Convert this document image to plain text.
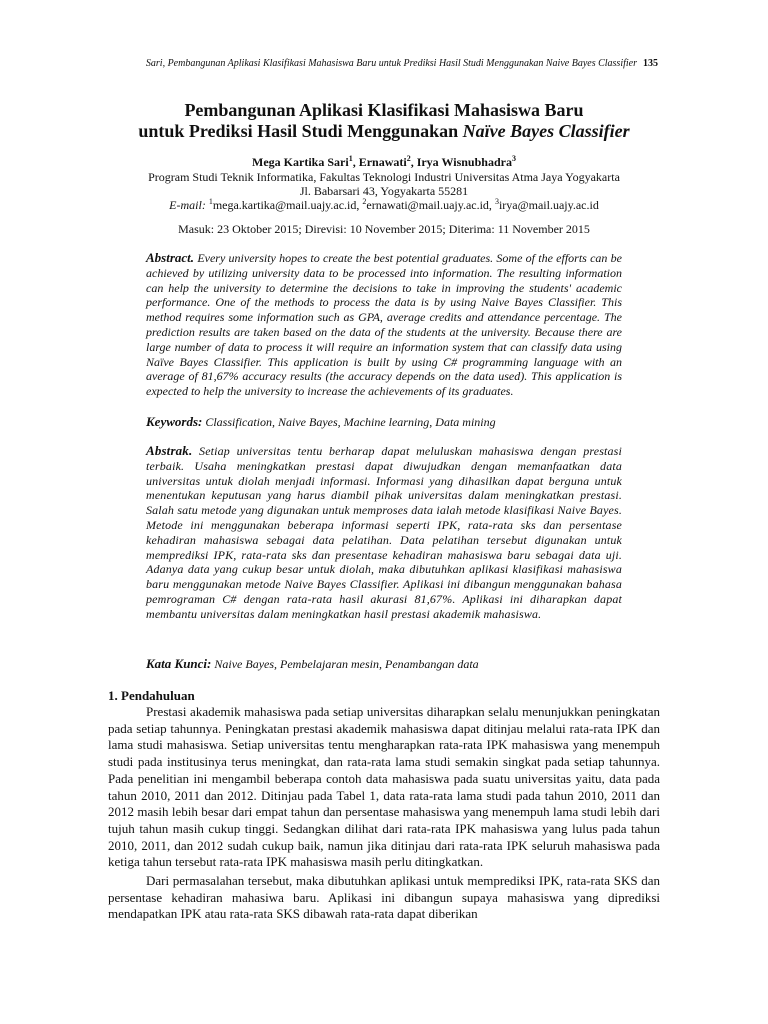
Sari, Pembangunan Aplikasi Klasifikasi Mahasiswa Baru untuk Prediksi Hasil Studi Menggunakan Naive Bayes Classifier 135
Pembangunan Aplikasi Klasifikasi Mahasiswa Baru
untuk Prediksi Hasil Studi Menggunakan Naïve Bayes Classifier
Mega Kartika Sari$^1$, Ernawati$^2$, Irya Wisnubhadra$^3$
Program Studi Teknik Informatika, Fakultas Teknologi Industri Universitas Atma Jaya Yogyakarta
Jl. Babarsari 43, Yogyakarta 55281
E-mail: $^1$mega.kartika@mail.uajy.ac.id, $^2$ernawati@mail.uajy.ac.id, $^3$irya@mail.uajy.ac.id
Masuk: 23 Oktober 2015; Direvisi: 10 November 2015; Diterima: 11 November 2015
Abstract. Every university hopes to create the best potential graduates. Some of the efforts can be achieved by utilizing university data to be processed into information. The resulting information can help the university to determine the decisions to take in improving the students' academic performance. One of the methods to process the data is by using Naive Bayes Classifier. This method requires some information such as GPA, average credits and attendance percentage. The prediction results are taken based on the data of the students at the university. Because there are large number of data to process it will require an information system that can classify data using Naïve Bayes Classifier. This application is built by using C# programming language with an average of 81,67% accuracy results (the accuracy depends on the data used). This application is expected to help the university to increase the achievements of its graduates.
Keywords: Classification, Naive Bayes, Machine learning, Data mining
Abstrak. Setiap universitas tentu berharap dapat meluluskan mahasiswa dengan prestasi terbaik. Usaha meningkatkan prestasi dapat diwujudkan dengan memanfaatkan data universitas untuk diolah menjadi informasi. Informasi yang dihasilkan dapat berguna untuk menentukan keputusan yang harus diambil pihak universitas dalam meningkatkan prestasi. Salah satu metode yang digunakan untuk memproses data ialah metode klasifikasi Naive Bayes. Metode ini menggunakan beberapa informasi seperti IPK, rata-rata sks dan persentase kehadiran mahasiswa sebagai data pelatihan. Data pelatihan tersebut digunakan untuk memprediksi IPK, rata-rata sks dan presentase kehadiran mahasiswa baru sebagai data uji. Adanya data yang cukup besar untuk diolah, maka dibutuhkan aplikasi klasifikasi mahasiswa baru menggunakan metode Naive Bayes Classifier. Aplikasi ini dibangun menggunakan bahasa pemrograman C# dengan rata-rata hasil akurasi 81,67%. Aplikasi ini diharapkan dapat membantu universitas dalam meningkatkan hasil prestasi akademik mahasiswa.
Kata Kunci: Naive Bayes, Pembelajaran mesin, Penambangan data
1. Pendahuluan

Prestasi akademik mahasiswa pada setiap universitas diharapkan selalu menunjukkan peningkatan pada setiap tahunnya. Peningkatan prestasi akademik mahasiswa dapat ditinjau melalui rata-rata IPK dan lama studi mahasiswa. Setiap universitas tentu mengharapkan rata-rata IPK mahasiswa yang menempuh studi pada institusinya terus meningkat, dan rata-rata lama studi semakin singkat pada setiap tahunnya. Pada penelitian ini mengambil beberapa contoh data mahasiswa pada suatu universitas yaitu, data pada tahun 2010, 2011 dan 2012. Ditinjau pada Tabel 1, data rata-rata lama studi pada tahun 2010, 2011 dan 2012 masih lebih besar dari empat tahun dan persentase mahasiswa yang menempuh lama studi lebih dari tujuh tahun masih cukup tinggi. Sedangkan dilihat dari rata-rata IPK mahasiswa yang lulus pada tahun 2010, 2011, dan 2012 sudah cukup baik, namun jika ditinjau dari rata-rata IPK seluruh mahasiswa pada ketiga tahun tersebut rata-rata IPK mahasiswa masih perlu ditingkatkan.

Dari permasalahan tersebut, maka dibutuhkan aplikasi untuk memprediksi IPK, rata-rata SKS dan persentase kehadiran mahasiwa baru. Aplikasi ini dibangun supaya mahasiswa yang diprediksi mendapatkan IPK atau rata-rata SKS dibawah rata-rata dapat diberikan
